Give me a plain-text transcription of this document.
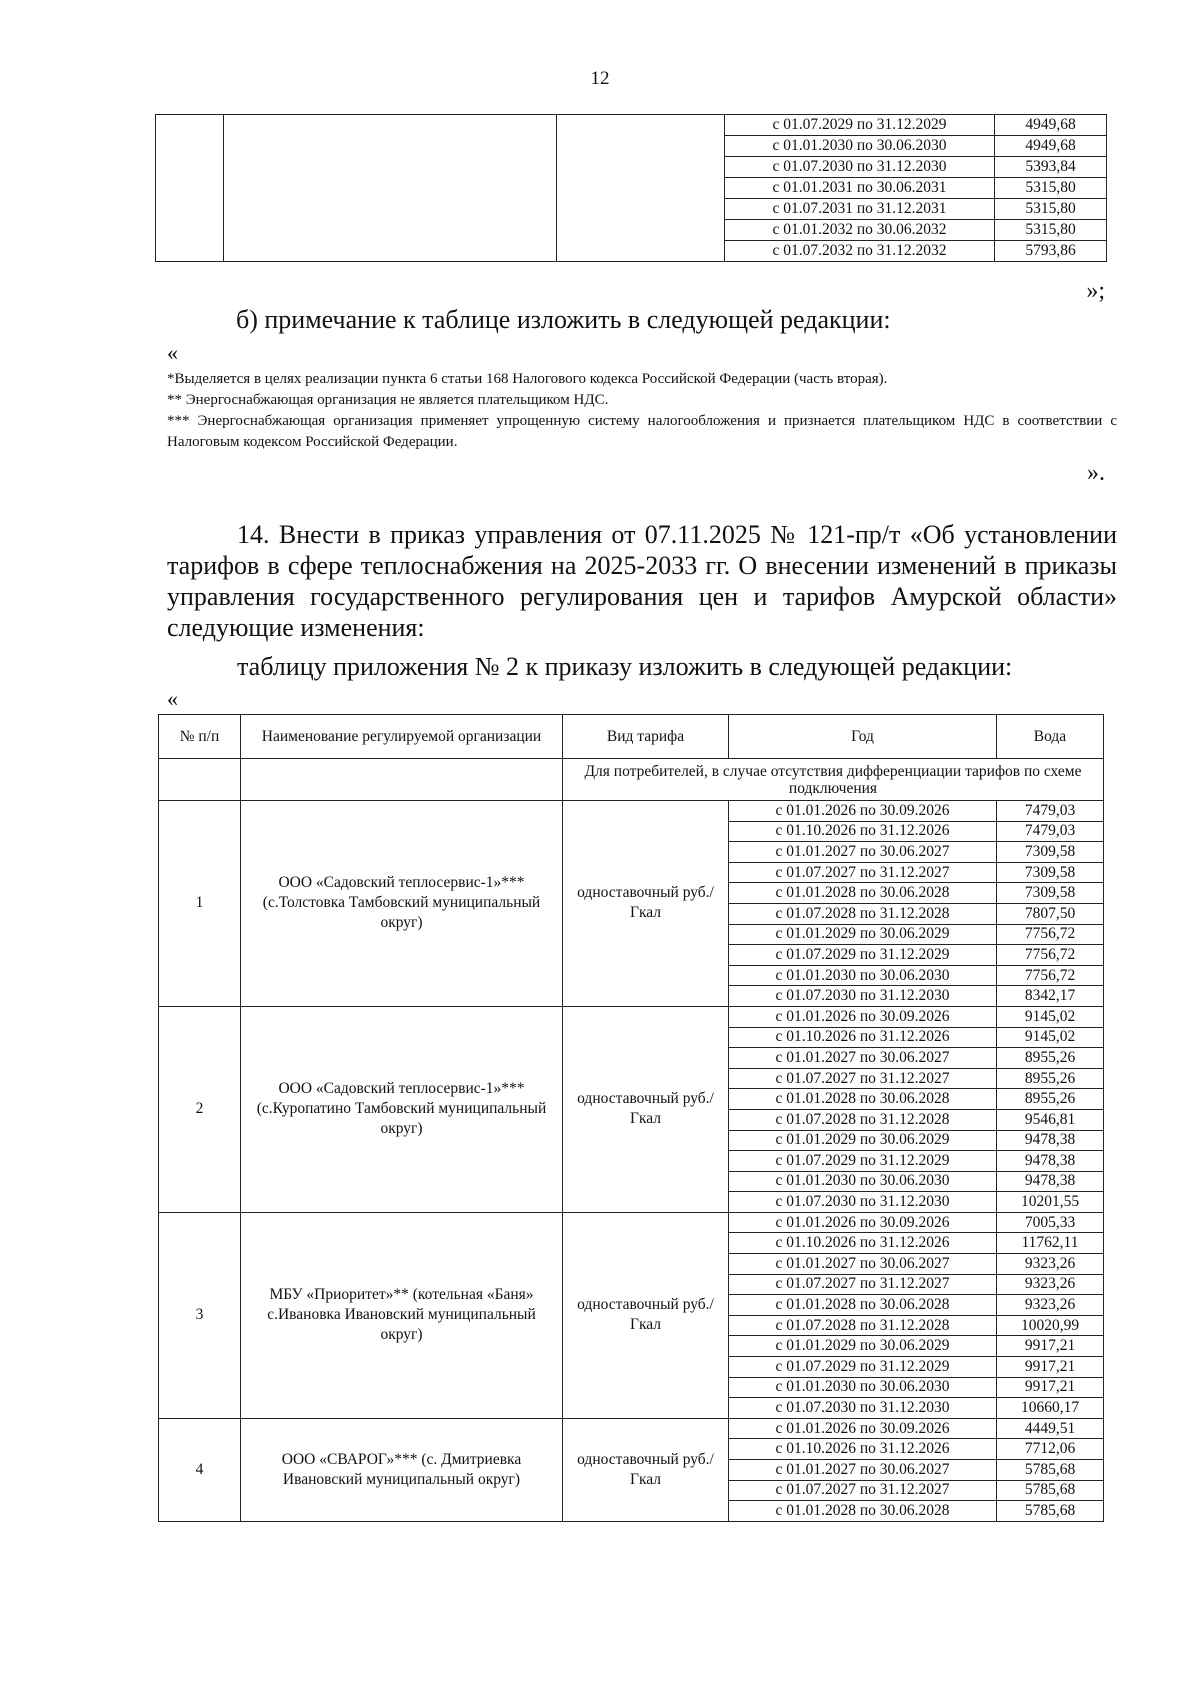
12
			с 01.07.2029 по 31.12.2029	4949,68
			с 01.01.2030 по 30.06.2030	4949,68
			с 01.07.2030 по 31.12.2030	5393,84
			с 01.01.2031 по 30.06.2031	5315,80
			с 01.07.2031 по 31.12.2031	5315,80
			с 01.01.2032 по 30.06.2032	5315,80
			с 01.07.2032 по 31.12.2032	5793,86
»;
б) примечание к таблице изложить в следующей редакции:
«
*Выделяется в целях реализации пункта 6 статьи 168 Налогового кодекса Российской Федерации (часть вторая).
** Энергоснабжающая организация не является плательщиком НДС.
*** Энергоснабжающая организация применяет упрощенную систему налогообложения и признается плательщиком НДС в соответствии с Налоговым кодексом Российской Федерации.
».
14. Внести в приказ управления от 07.11.2025 № 121-пр/т «Об установлении тарифов в сфере теплоснабжения на 2025-2033 гг. О внесении изменений в приказы управления государственного регулирования цен и тарифов Амурской области» следующие изменения:
таблицу приложения № 2 к приказу изложить в следующей редакции:
«
№ п/п	Наименование регулируемой организации	Вид тарифа	Год	Вода
		Для потребителей, в случае отсутствия дифференциации тарифов по схеме подключения		
1	ООО «Садовский теплосервис-1»*** (с.Толстовка Тамбовский муниципальный округ)	одноставочный руб./Гкал	с 01.01.2026 по 30.09.2026	7479,03
			с 01.10.2026 по 31.12.2026	7479,03
			с 01.01.2027 по 30.06.2027	7309,58
			с 01.07.2027 по 31.12.2027	7309,58
			с 01.01.2028 по 30.06.2028	7309,58
			с 01.07.2028 по 31.12.2028	7807,50
			с 01.01.2029 по 30.06.2029	7756,72
			с 01.07.2029 по 31.12.2029	7756,72
			с 01.01.2030 по 30.06.2030	7756,72
			с 01.07.2030 по 31.12.2030	8342,17
2	ООО «Садовский теплосервис-1»*** (с.Куропатино Тамбовский муниципальный округ)	одноставочный руб./Гкал	с 01.01.2026 по 30.09.2026	9145,02
			с 01.10.2026 по 31.12.2026	9145,02
			с 01.01.2027 по 30.06.2027	8955,26
			с 01.07.2027 по 31.12.2027	8955,26
			с 01.01.2028 по 30.06.2028	8955,26
			с 01.07.2028 по 31.12.2028	9546,81
			с 01.01.2029 по 30.06.2029	9478,38
			с 01.07.2029 по 31.12.2029	9478,38
			с 01.01.2030 по 30.06.2030	9478,38
			с 01.07.2030 по 31.12.2030	10201,55
3	МБУ «Приоритет»** (котельная «Баня» с.Ивановка Ивановский муниципальный округ)	одноставочный руб./Гкал	с 01.01.2026 по 30.09.2026	7005,33
			с 01.10.2026 по 31.12.2026	11762,11
			с 01.01.2027 по 30.06.2027	9323,26
			с 01.07.2027 по 31.12.2027	9323,26
			с 01.01.2028 по 30.06.2028	9323,26
			с 01.07.2028 по 31.12.2028	10020,99
			с 01.01.2029 по 30.06.2029	9917,21
			с 01.07.2029 по 31.12.2029	9917,21
			с 01.01.2030 по 30.06.2030	9917,21
			с 01.07.2030 по 31.12.2030	10660,17
4	ООО «СВАРОГ»*** (с. Дмитриевка Ивановский муниципальный округ)	одноставочный руб./Гкал	с 01.01.2026 по 30.09.2026	4449,51
			с 01.10.2026 по 31.12.2026	7712,06
			с 01.01.2027 по 30.06.2027	5785,68
			с 01.07.2027 по 31.12.2027	5785,68
			с 01.01.2028 по 30.06.2028	5785,68
